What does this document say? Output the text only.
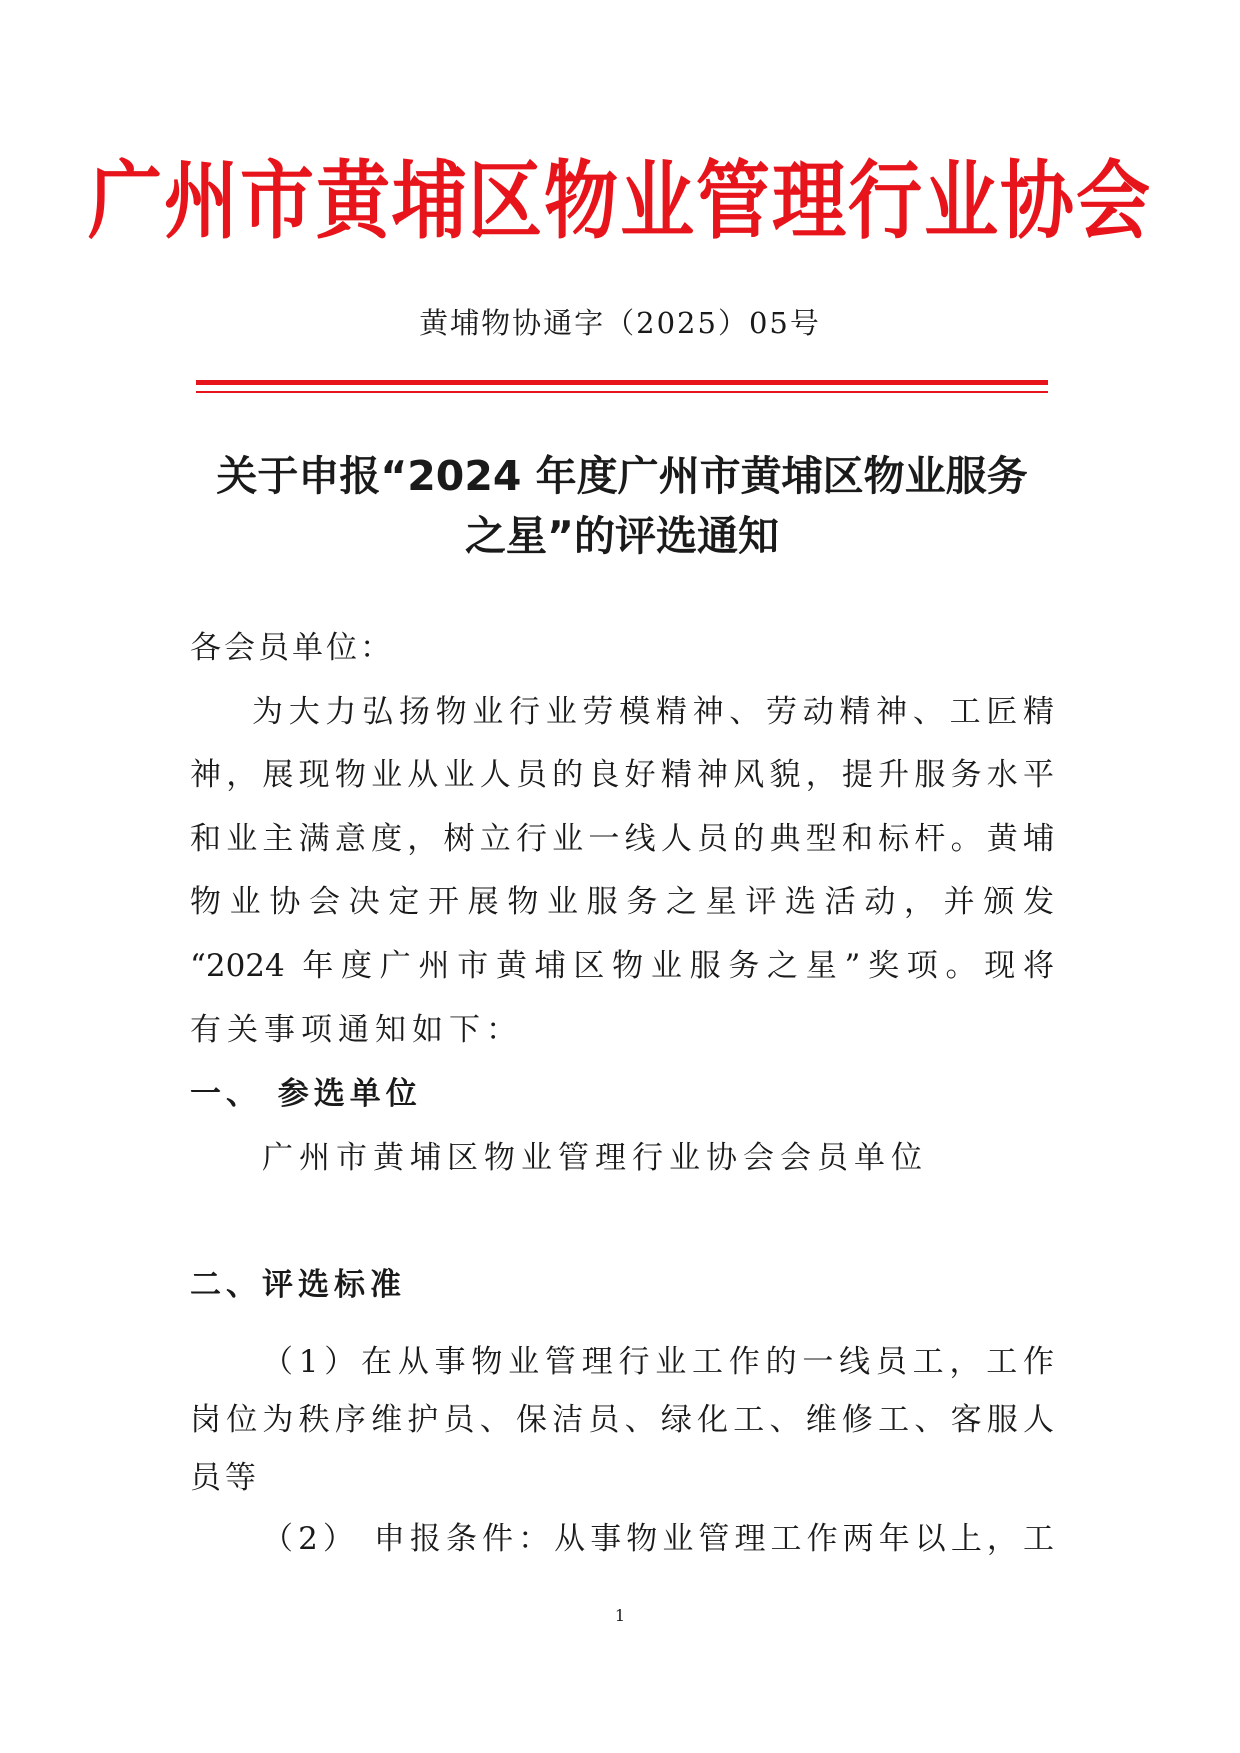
广州市黄埔区物业管理行业协会
黄埔物协通字（2025）05号
关于申报“2024 年度广州市黄埔区物业服务
之星”的评选通知
各会员单位：
为大力弘扬物业行业劳模精神、劳动精神、工匠精
神，展现物业从业人员的良好精神风貌，提升服务水平
和业主满意度，树立行业一线人员的典型和标杆。黄埔
物业协会决定开展物业服务之星评选活动，并颁发
“2024 年度广州市黄埔区物业服务之星”奖项。现将
有关事项通知如下：
一、 参选单位
广州市黄埔区物业管理行业协会会员单位
二、评选标准
（1）在从事物业管理行业工作的一线员工，工作
岗位为秩序维护员、保洁员、绿化工、维修工、客服人
员等
（2） 申报条件：从事物业管理工作两年以上，工
1
